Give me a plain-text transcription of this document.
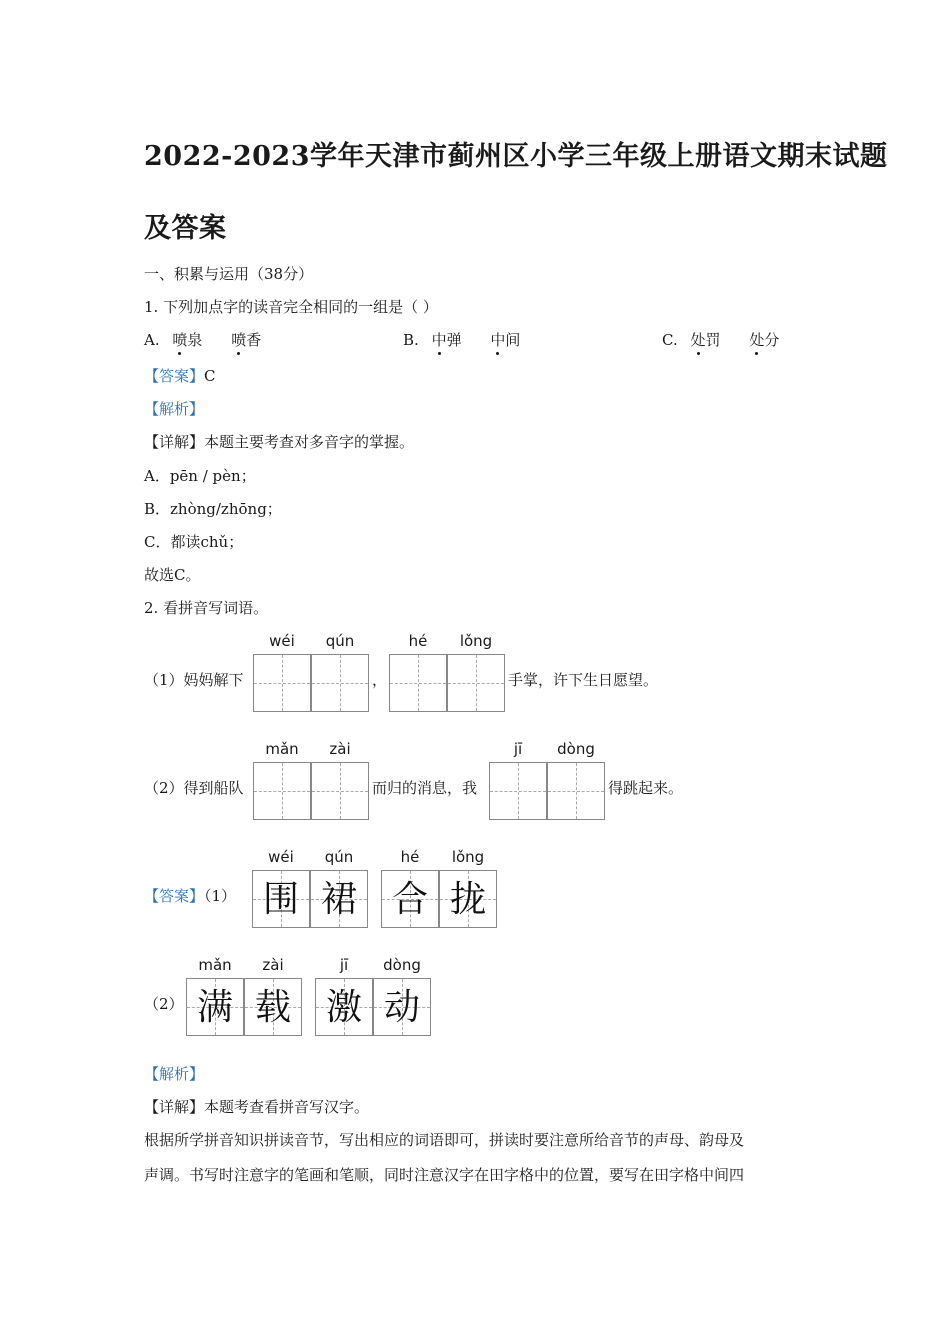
2022-2023学年天津市蓟州区小学三年级上册语文期末试题
及答案
一、积累与运用（38分）
1. 下列加点字的读音完全相同的一组是（ ）
A. 喷泉 喷香	B. 中弹 中间	C. 处罚 处分
【答案】C
【解析】
【详解】本题主要考查对多音字的掌握。
A．pēn / pèn；
B．zhòng/zhōng；
C．都读chǔ；
故选C。
2. 看拼音写词语。
wéi	qún	hé	lǒng
（1）妈妈解下	，	手掌，许下生日愿望。
mǎn	zài	jī	dòng
（2）得到船队	而归的消息，我	得跳起来。
wéi	qún	hé	lǒng
【答案】（1） 围 裙 合 拢
mǎn	zài	jī	dòng
（2） 满 载 激 动
【解析】
【详解】本题考查看拼音写汉字。
根据所学拼音知识拼读音节，写出相应的词语即可，拼读时要注意所给音节的声母、韵母及
声调。书写时注意字的笔画和笔顺，同时注意汉字在田字格中的位置，要写在田字格中间四
